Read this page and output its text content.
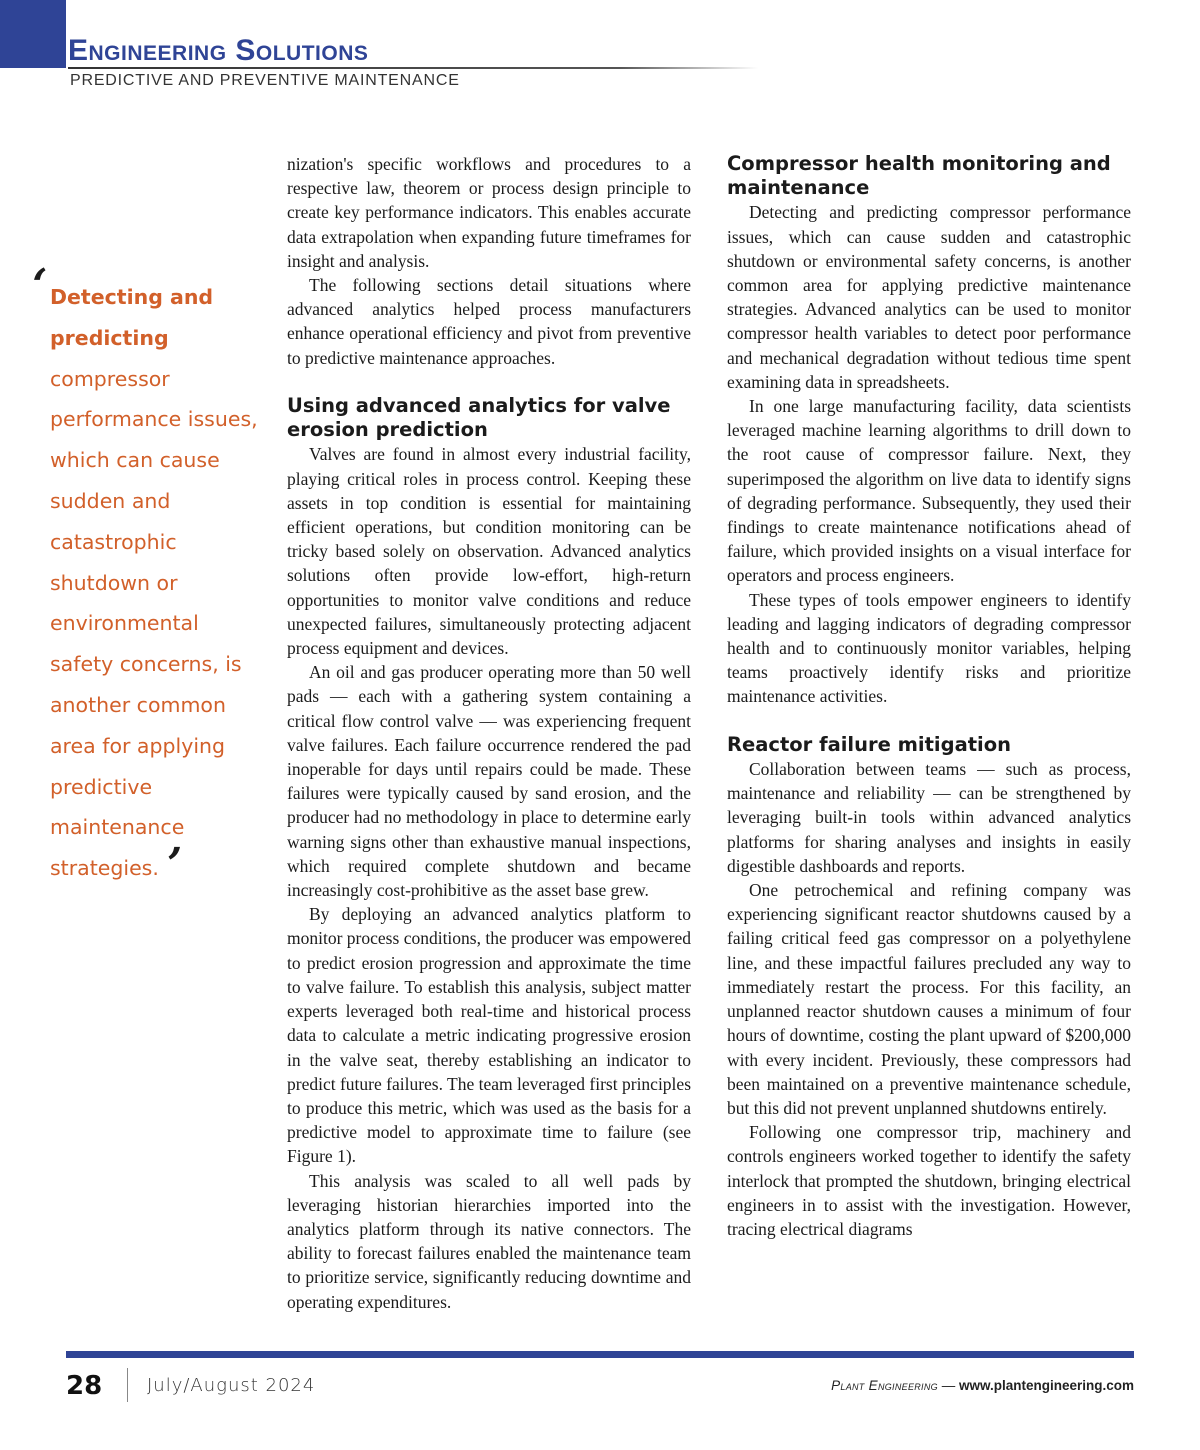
Engineering Solutions
PREDICTIVE AND PREVENTIVE MAINTENANCE
‘ Detecting and predicting compressor performance issues, which can cause sudden and catastrophic shutdown or environmental safety concerns, is another common area for applying predictive maintenance strategies.’

nization's specific workflows and procedures to a respective law, theorem or process design principle to create key performance indicators. This enables accurate data extrapolation when expanding future timeframes for insight and analysis.

The following sections detail situations where advanced analytics helped process manufacturers enhance operational efficiency and pivot from preventive to predictive maintenance approaches.

Using advanced analytics for valve erosion prediction

Valves are found in almost every industrial facility, playing critical roles in process control. Keeping these assets in top condition is essential for maintaining efficient operations, but condition monitoring can be tricky based solely on observation. Advanced analytics solutions often provide low-effort, high-return opportunities to monitor valve conditions and reduce unexpected failures, simultaneously protecting adjacent process equipment and devices.

An oil and gas producer operating more than 50 well pads — each with a gathering system containing a critical flow control valve — was experiencing frequent valve failures. Each failure occurrence rendered the pad inoperable for days until repairs could be made. These failures were typically caused by sand erosion, and the producer had no methodology in place to determine early warning signs other than exhaustive manual inspections, which required complete shutdown and became increasingly cost-prohibitive as the asset base grew.

By deploying an advanced analytics platform to monitor process conditions, the producer was empowered to predict erosion progression and approximate the time to valve failure. To establish this analysis, subject matter experts leveraged both real-time and historical process data to calculate a metric indicating progressive erosion in the valve seat, thereby establishing an indicator to predict future failures. The team leveraged first principles to produce this metric, which was used as the basis for a predictive model to approximate time to failure (see Figure 1).

This analysis was scaled to all well pads by leveraging historian hierarchies imported into the analytics platform through its native connectors. The ability to forecast failures enabled the maintenance team to prioritize service, significantly reducing downtime and operating expenditures.

Compressor health monitoring and maintenance

Detecting and predicting compressor performance issues, which can cause sudden and catastrophic shutdown or environmental safety concerns, is another common area for applying predictive maintenance strategies. Advanced analytics can be used to monitor compressor health variables to detect poor performance and mechanical degradation without tedious time spent examining data in spreadsheets.

In one large manufacturing facility, data scientists leveraged machine learning algorithms to drill down to the root cause of compressor failure. Next, they superimposed the algorithm on live data to identify signs of degrading performance. Subsequently, they used their findings to create maintenance notifications ahead of failure, which provided insights on a visual interface for operators and process engineers.

These types of tools empower engineers to identify leading and lagging indicators of degrading compressor health and to continuously monitor variables, helping teams proactively identify risks and prioritize maintenance activities.

Reactor failure mitigation

Collaboration between teams — such as process, maintenance and reliability — can be strengthened by leveraging built-in tools within advanced analytics platforms for sharing analyses and insights in easily digestible dashboards and reports.

One petrochemical and refining company was experiencing significant reactor shutdowns caused by a failing critical feed gas compressor on a polyethylene line, and these impactful failures precluded any way to immediately restart the process. For this facility, an unplanned reactor shutdown causes a minimum of four hours of downtime, costing the plant upward of $200,000 with every incident. Previously, these compressors had been maintained on a preventive maintenance schedule, but this did not prevent unplanned shutdowns entirely.

Following one compressor trip, machinery and controls engineers worked together to identify the safety interlock that prompted the shutdown, bringing electrical engineers in to assist with the investigation. However, tracing electrical diagrams

28 July/August 2024	Plant Engineering — www.plantengineering.com
